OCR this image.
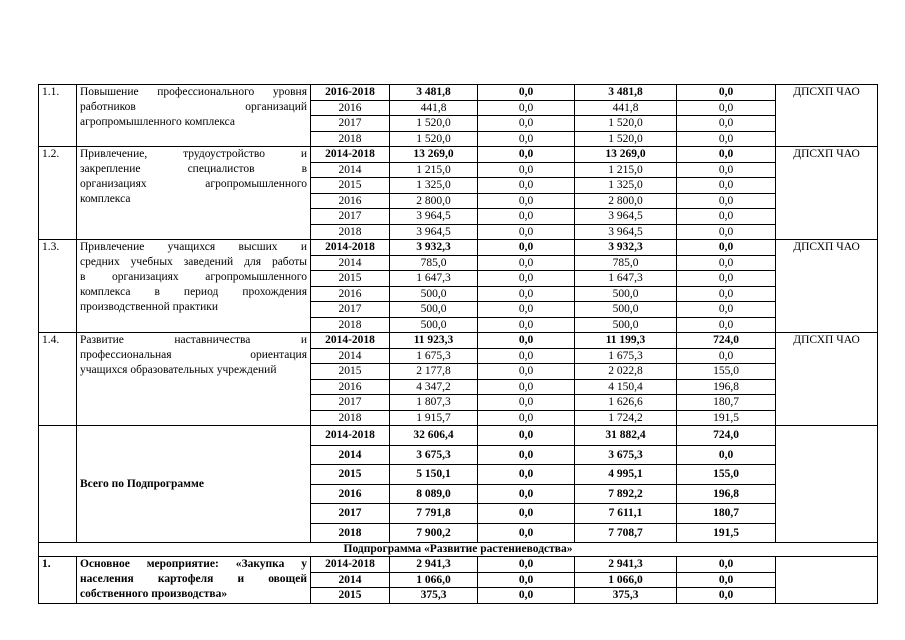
1.1.	Повышение профессионального уровня
работников организаций
агропромышленного комплекса	2016-2018	3 481,8	0,0	3 481,8	0,0	ДПСХП ЧАО
		2016	441,8	0,0	441,8	0,0	
		2017	1 520,0	0,0	1 520,0	0,0	
		2018	1 520,0	0,0	1 520,0	0,0	
1.2.	Привлечение, трудоустройство и
закрепление специалистов в
организациях агропромышленного
комплекса	2014-2018	13 269,0	0,0	13 269,0	0,0	ДПСХП ЧАО
		2014	1 215,0	0,0	1 215,0	0,0	
		2015	1 325,0	0,0	1 325,0	0,0	
		2016	2 800,0	0,0	2 800,0	0,0	
		2017	3 964,5	0,0	3 964,5	0,0	
		2018	3 964,5	0,0	3 964,5	0,0	
1.3.	Привлечение учащихся высших и
средних учебных заведений для работы
в организациях агропромышленного
комплекса в период прохождения
производственной практики	2014-2018	3 932,3	0,0	3 932,3	0,0	ДПСХП ЧАО
		2014	785,0	0,0	785,0	0,0	
		2015	1 647,3	0,0	1 647,3	0,0	
		2016	500,0	0,0	500,0	0,0	
		2017	500,0	0,0	500,0	0,0	
		2018	500,0	0,0	500,0	0,0	
1.4.	Развитие наставничества и
профессиональная ориентация
учащихся образовательных учреждений	2014-2018	11 923,3	0,0	11 199,3	724,0	ДПСХП ЧАО
		2014	1 675,3	0,0	1 675,3	0,0	
		2015	2 177,8	0,0	2 022,8	155,0	
		2016	4 347,2	0,0	4 150,4	196,8	
		2017	1 807,3	0,0	1 626,6	180,7	
		2018	1 915,7	0,0	1 724,2	191,5	
	Всего по Подпрограмме	2014-2018	32 606,4	0,0	31 882,4	724,0	
		2014	3 675,3	0,0	3 675,3	0,0	
		2015	5 150,1	0,0	4 995,1	155,0	
		2016	8 089,0	0,0	7 892,2	196,8	
		2017	7 791,8	0,0	7 611,1	180,7	
		2018	7 900,2	0,0	7 708,7	191,5	
Подпрограмма «Развитие растениеводства»							
1.	Основное мероприятие: «Закупка у
населения картофеля и овощей
собственного производства»	2014-2018	2 941,3	0,0	2 941,3	0,0	
		2014	1 066,0	0,0	1 066,0	0,0	
		2015	375,3	0,0	375,3	0,0	
